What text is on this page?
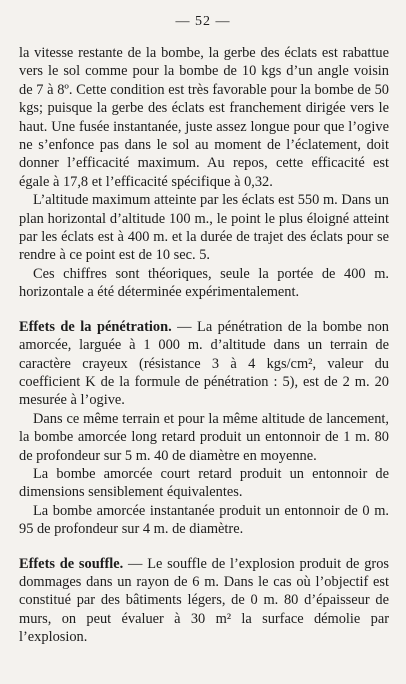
— 52 —

la vitesse restante de la bombe, la gerbe des éclats est rabattue vers le sol comme pour la bombe de 10 kgs d’un angle voisin de 7 à 8º. Cette condition est très favorable pour la bombe de 50 kgs; puisque la gerbe des éclats est franchement dirigée vers le haut. Une fusée instantanée, juste assez longue pour que l’ogive ne s’enfonce pas dans le sol au moment de l’éclatement, doit donner l’efficacité maximum. Au repos, cette efficacité est égale à 17,8 et l’efficacité spécifique à 0,32.

L’altitude maximum atteinte par les éclats est 550 m. Dans un plan horizontal d’altitude 100 m., le point le plus éloigné atteint par les éclats est à 400 m. et la durée de trajet des éclats pour se rendre à ce point est de 10 sec. 5.

Ces chiffres sont théoriques, seule la portée de 400 m. horizontale a été déterminée expérimentalement.

Effets de la pénétration. — La pénétration de la bombe non amorcée, larguée à 1 000 m. d’altitude dans un terrain de caractère crayeux (résistance 3 à 4 kgs/cm², valeur du coefficient K de la formule de pénétration : 5), est de 2 m. 20 mesurée à l’ogive.

Dans ce même terrain et pour la même altitude de lancement, la bombe amorcée long retard produit un entonnoir de 1 m. 80 de profondeur sur 5 m. 40 de diamètre en moyenne.

La bombe amorcée court retard produit un entonnoir de dimensions sensiblement équivalentes.

La bombe amorcée instantanée produit un entonnoir de 0 m. 95 de profondeur sur 4 m. de diamètre.

Effets de souffle. — Le souffle de l’explosion produit de gros dommages dans un rayon de 6 m. Dans le cas où l’objectif est constitué par des bâtiments légers, de 0 m. 80 d’épaisseur de murs, on peut évaluer à 30 m² la surface démolie par l’explosion.
